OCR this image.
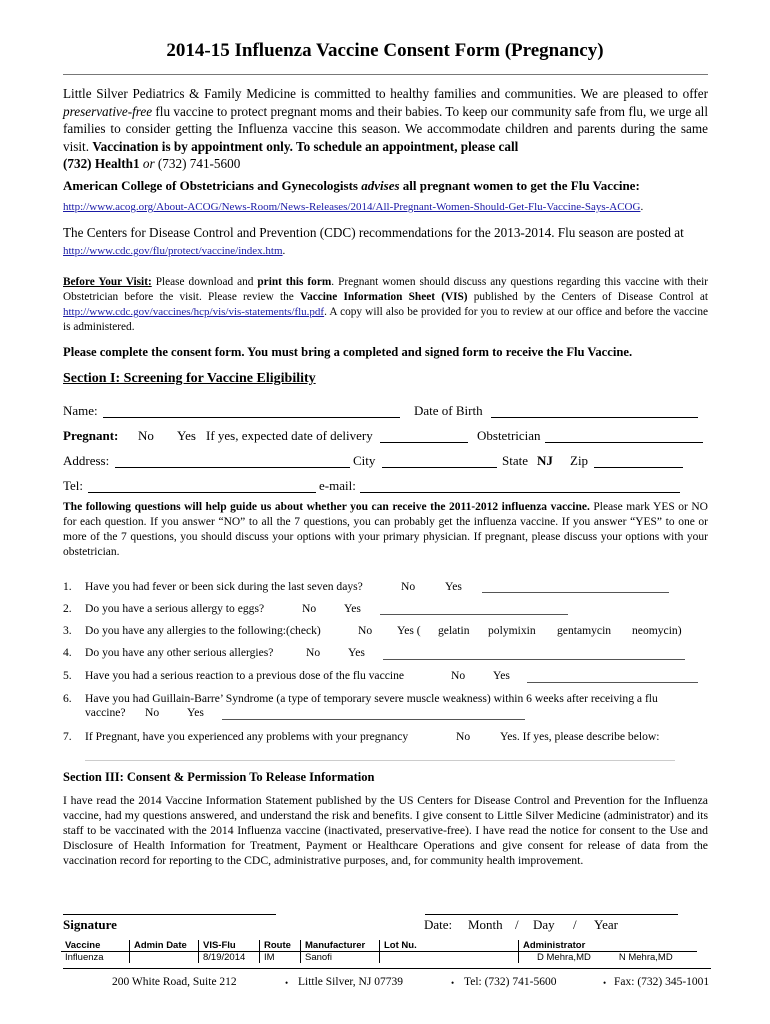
2014-15 Influenza Vaccine Consent Form (Pregnancy)
Little Silver Pediatrics & Family Medicine is committed to healthy families and communities. We are pleased to offer preservative-free flu vaccine to protect pregnant moms and their babies. To keep our community safe from flu, we urge all families to consider getting the Influenza vaccine this season. We accommodate children and parents during the same visit. Vaccination is by appointment only. To schedule an appointment, please call
(732) Health1 or (732) 741-5600
American College of Obstetricians and Gynecologists advises all pregnant women to get the Flu Vaccine:
http://www.acog.org/About-ACOG/News-Room/News-Releases/2014/All-Pregnant-Women-Should-Get-Flu-Vaccine-Says-ACOG.
The Centers for Disease Control and Prevention (CDC) recommendations for the 2013-2014. Flu season are posted at http://www.cdc.gov/flu/protect/vaccine/index.htm.
Before Your Visit: Please download and print this form. Pregnant women should discuss any questions regarding this vaccine with their Obstetrician before the visit. Please review the Vaccine Information Sheet (VIS) published by the Centers of Disease Control at http://www.cdc.gov/vaccines/hcp/vis/vis-statements/flu.pdf. A copy will also be provided for you to review at our office and before the vaccine is administered.
Please complete the consent form. You must bring a completed and signed form to receive the Flu Vaccine.
Section I: Screening for Vaccine Eligibility
Name:	Date of Birth
Pregnant: No Yes If yes, expected date of delivery	Obstetrician
Address:	City	State NJ Zip
Tel:	e-mail:
The following questions will help guide us about whether you can receive the 2011-2012 influenza vaccine. Please mark YES or NO for each question. If you answer “NO” to all the 7 questions, you can probably get the influenza vaccine. If you answer “YES” to one or more of the 7 questions, you should discuss your options with your primary physician. If pregnant, please discuss your options with your obstetrician.
1. Have you had fever or been sick during the last seven days?	No	Yes
2. Do you have a serious allergy to eggs?	No Yes
3. Do you have any allergies to the following:(check)	No Yes ( gelatin polymixin gentamycin neomycin)
4. Do you have any other serious allergies?	No Yes
5. Have you had a serious reaction to a previous dose of the flu vaccine	No Yes
6. Have you had Guillain-Barre’ Syndrome (a type of temporary severe muscle weakness) within 6 weeks after receiving a flu
vaccine? No Yes
7. If Pregnant, have you experienced any problems with your pregnancy	No	Yes. If yes, please describe below:
Section III: Consent & Permission To Release Information
I have read the 2014 Vaccine Information Statement published by the US Centers for Disease Control and Prevention for the Influenza vaccine, had my questions answered, and understand the risk and benefits. I give consent to Little Silver Medicine (administrator) and its staff to be vaccinated with the 2014 Influenza vaccine (inactivated, preservative-free). I have read the notice for consent to the Use and Disclosure of Health Information for Treatment, Payment or Healthcare Operations and give consent for release of data from the vaccination record for reporting to the CDC, administrative purposes, and, for community health improvement.
Signature	Date: Month / Day / Year
Vaccine	Admin Date	VIS-Flu	Route	Manufacturer	Lot Nu.	Administrator
Influenza		8/19/2014	IM	Sanofi		D Mehra,MD N Mehra,MD
200 White Road, Suite 212	• Little Silver, NJ 07739	• Tel: (732) 741-5600	• Fax: (732) 345-1001
